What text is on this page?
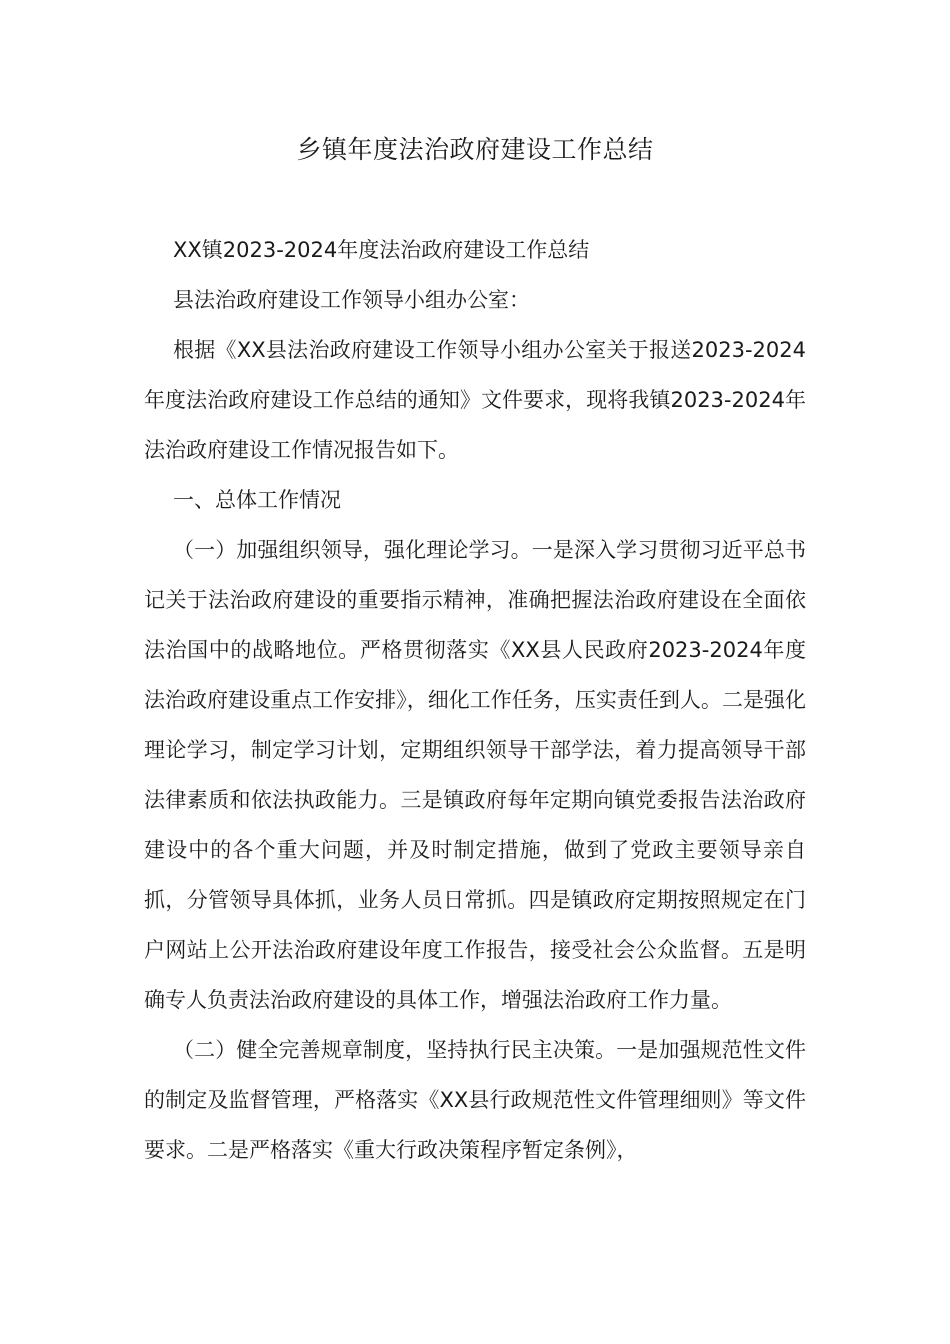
乡镇年度法治政府建设工作总结

XX镇2023-2024年度法治政府建设工作总结

县法治政府建设工作领导小组办公室：

根据《XX县法治政府建设工作领导小组办公室关于报送2023-2024年度法治政府建设工作总结的通知》文件要求，现将我镇2023-2024年法治政府建设工作情况报告如下。

一、总体工作情况

（一）加强组织领导，强化理论学习。一是深入学习贯彻习近平总书记关于法治政府建设的重要指示精神，准确把握法治政府建设在全面依法治国中的战略地位。严格贯彻落实《XX县人民政府2023-2024年度法治政府建设重点工作安排》，细化工作任务，压实责任到人。二是强化理论学习，制定学习计划，定期组织领导干部学法，着力提高领导干部法律素质和依法执政能力。三是镇政府每年定期向镇党委报告法治政府建设中的各个重大问题，并及时制定措施，做到了党政主要领导亲自抓，分管领导具体抓，业务人员日常抓。四是镇政府定期按照规定在门户网站上公开法治政府建设年度工作报告，接受社会公众监督。五是明确专人负责法治政府建设的具体工作，增强法治政府工作力量。

（二）健全完善规章制度，坚持执行民主决策。一是加强规范性文件的制定及监督管理，严格落实《XX县行政规范性文件管理细则》等文件要求。二是严格落实《重大行政决策程序暂定条例》，
